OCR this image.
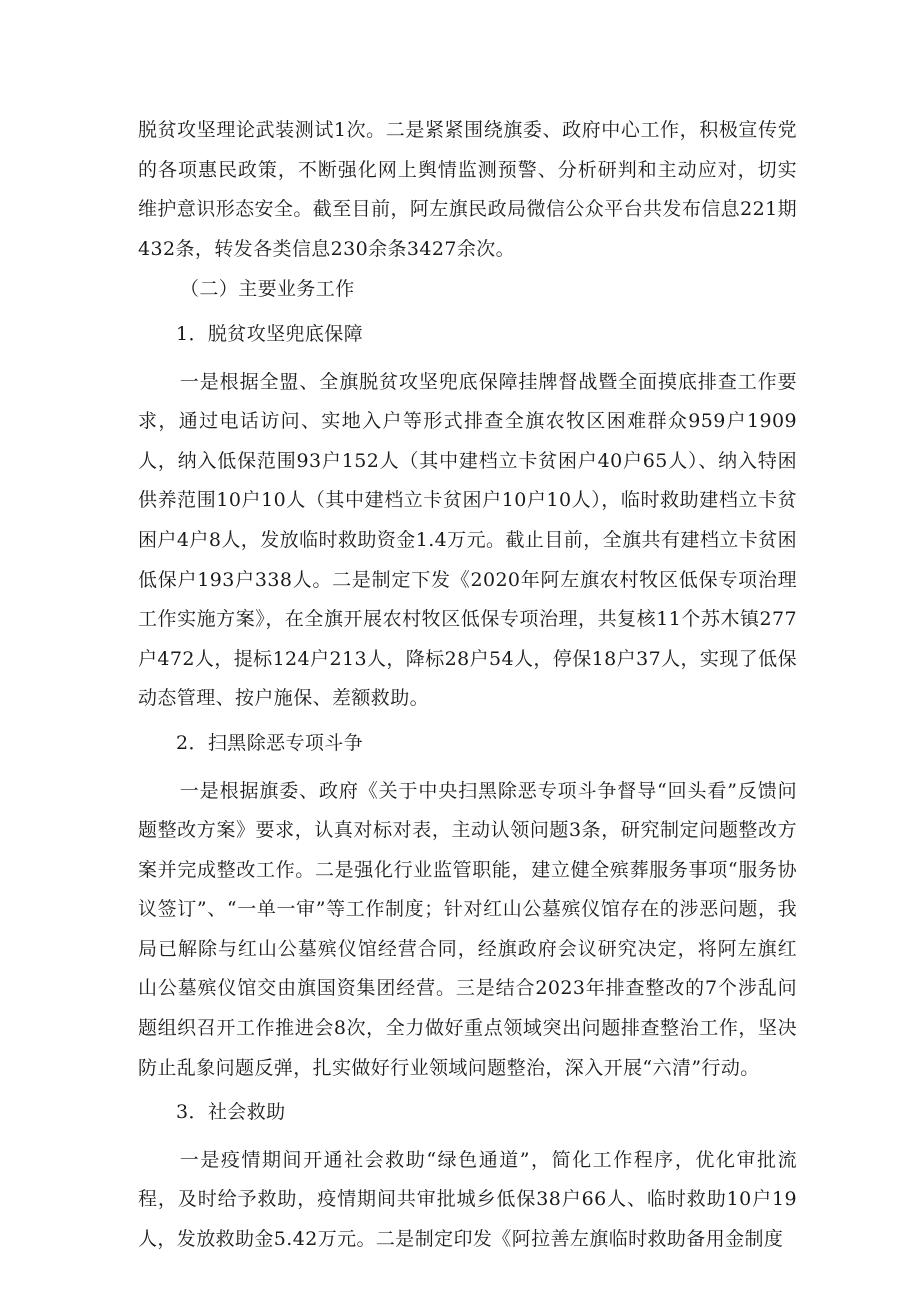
脱贫攻坚理论武装测试1次。二是紧紧围绕旗委、政府中心工作，积极宣传党的各项惠民政策，不断强化网上舆情监测预警、分析研判和主动应对，切实维护意识形态安全。截至目前，阿左旗民政局微信公众平台共发布信息221期432条，转发各类信息230余条3427余次。

（二）主要业务工作

1．脱贫攻坚兜底保障

一是根据全盟、全旗脱贫攻坚兜底保障挂牌督战暨全面摸底排查工作要求，通过电话访问、实地入户等形式排查全旗农牧区困难群众959户1909人，纳入低保范围93户152人（其中建档立卡贫困户40户65人）、纳入特困供养范围10户10人（其中建档立卡贫困户10户10人），临时救助建档立卡贫困户4户8人，发放临时救助资金1.4万元。截止目前，全旗共有建档立卡贫困低保户193户338人。二是制定下发《2020年阿左旗农村牧区低保专项治理工作实施方案》，在全旗开展农村牧区低保专项治理，共复核11个苏木镇277户472人，提标124户213人，降标28户54人，停保18户37人，实现了低保动态管理、按户施保、差额救助。

2．扫黑除恶专项斗争

一是根据旗委、政府《关于中央扫黑除恶专项斗争督导“回头看”反馈问题整改方案》要求，认真对标对表，主动认领问题3条，研究制定问题整改方案并完成整改工作。二是强化行业监管职能，建立健全殡葬服务事项“服务协议签订”、“一单一审”等工作制度；针对红山公墓殡仪馆存在的涉恶问题，我局已解除与红山公墓殡仪馆经营合同，经旗政府会议研究决定，将阿左旗红山公墓殡仪馆交由旗国资集团经营。三是结合2023年排查整改的7个涉乱问题组织召开工作推进会8次，全力做好重点领域突出问题排查整治工作，坚决防止乱象问题反弹，扎实做好行业领域问题整治，深入开展“六清”行动。

3．社会救助

一是疫情期间开通社会救助“绿色通道”，简化工作程序，优化审批流程，及时给予救助，疫情期间共审批城乡低保38户66人、临时救助10户19人，发放救助金5.42万元。二是制定印发《阿拉善左旗临时救助备用金制度
